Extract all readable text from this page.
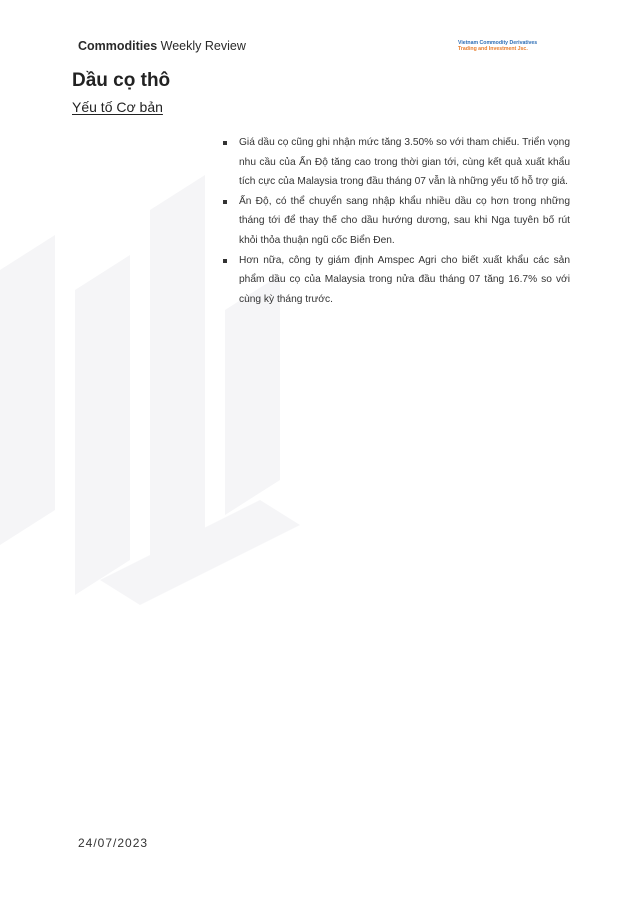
Commodities Weekly Review	Vietnam Commodity Derivatives
Trading and Investment Jsc.
Dầu cọ thô
Yếu tố Cơ bản
Giá dầu cọ cũng ghi nhận mức tăng 3.50% so với tham chiếu. Triển vọng nhu cầu của Ấn Độ tăng cao trong thời gian tới, cùng kết quả xuất khẩu tích cực của Malaysia trong đầu tháng 07 vẫn là những yếu tố hỗ trợ giá.
Ấn Độ, có thể chuyển sang nhập khẩu nhiều dầu cọ hơn trong những tháng tới để thay thế cho dầu hướng dương, sau khi Nga tuyên bố rút khỏi thỏa thuận ngũ cốc Biển Đen.
Hơn nữa, công ty giám định Amspec Agri cho biết xuất khẩu các sản phẩm dầu cọ của Malaysia trong nửa đầu tháng 07 tăng 16.7% so với cùng kỳ tháng trước.
24/07/2023
